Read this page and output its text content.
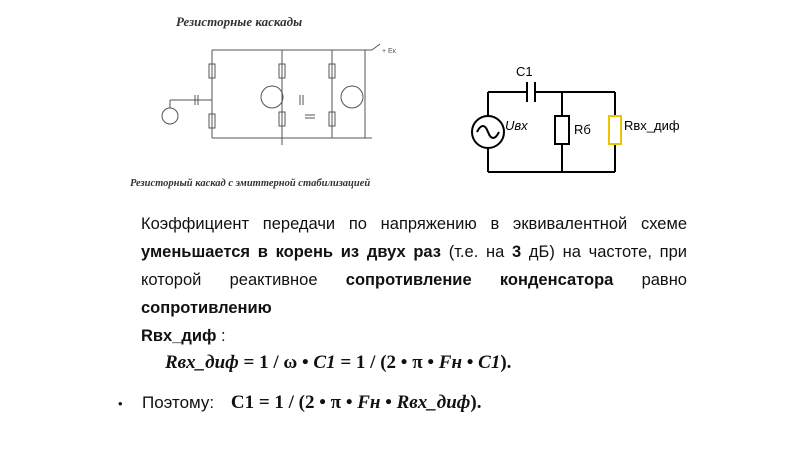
Резисторные каскады
+ Eк
Резисторный каскад с эмиттерной стабилизацией
C1
Uвх	Rб	Rвх_диф
Коэффициент передачи по напряжению в эквивалентной схеме уменьшается в корень из двух раз (т.е. на 3 дБ) на частоте, при которой реактивное сопротивление конденсатора равно сопротивлению
Rвх_диф :
Rвх_диф = 1 / ω • C1 = 1 / (2 • π • Fн • C1).
• Поэтому: C1 = 1 / (2 • π • Fн • Rвх_диф).
